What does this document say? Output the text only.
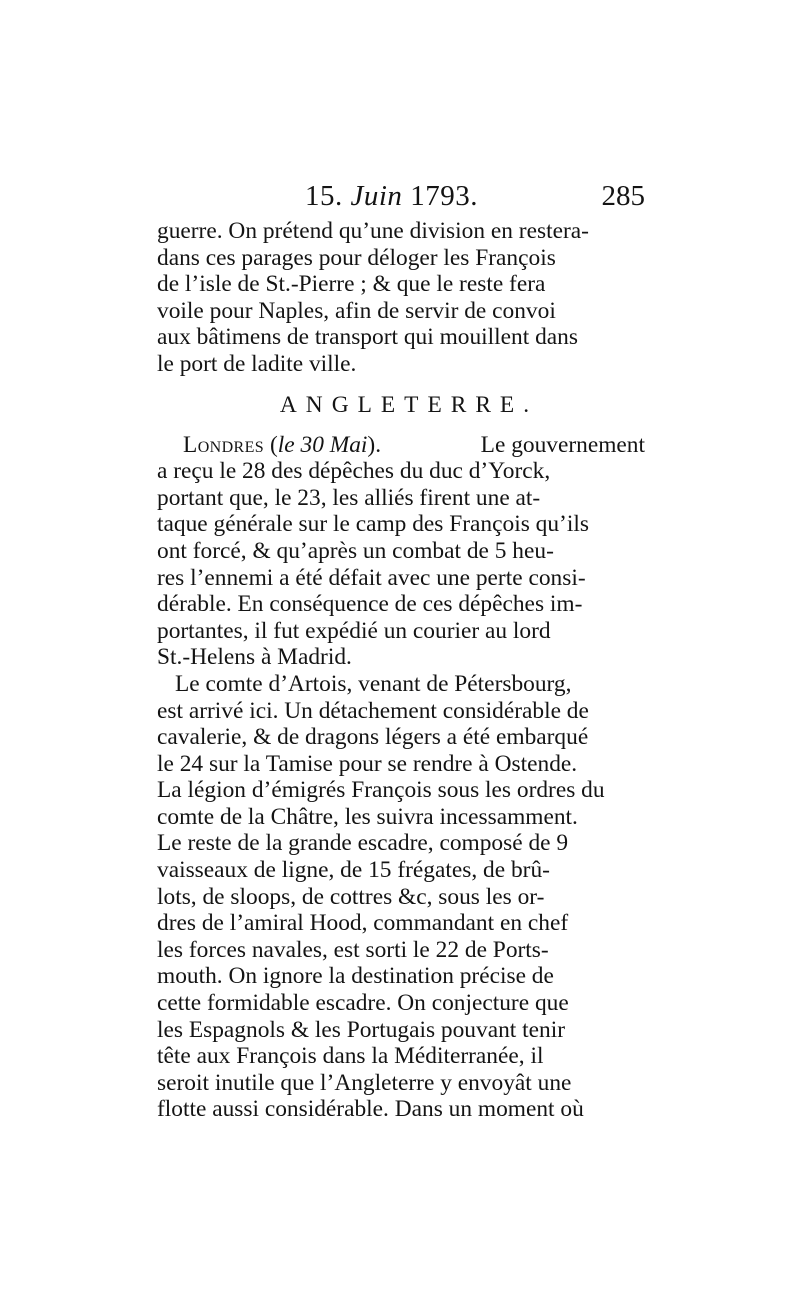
15. Juin 1793.	285
guerre. On prétend qu’une division en restera-
dans ces parages pour déloger les François
de l’isle de St.-Pierre ; & que le reste fera
voile pour Naples, afin de servir de convoi
aux bâtimens de transport qui mouillent dans
le port de ladite ville.
ANGLETERRE.
Londres (le 30 Mai).	Le gouvernement
a reçu le 28 des dépêches du duc d’Yorck,
portant que, le 23, les alliés firent une at-
taque générale sur le camp des François qu’ils
ont forcé, & qu’après un combat de 5 heu-
res l’ennemi a été défait avec une perte consi-
dérable. En conséquence de ces dépêches im-
portantes, il fut expédié un courier au lord
St.-Helens à Madrid.
Le comte d’Artois, venant de Pétersbourg,
est arrivé ici. Un détachement considérable de
cavalerie, & de dragons légers a été embarqué
le 24 sur la Tamise pour se rendre à Ostende.
La légion d’émigrés François sous les ordres du
comte de la Châtre, les suivra incessamment.
Le reste de la grande escadre, composé de 9
vaisseaux de ligne, de 15 frégates, de brû-
lots, de sloops, de cottres &c, sous les or-
dres de l’amiral Hood, commandant en chef
les forces navales, est sorti le 22 de Ports-
mouth. On ignore la destination précise de
cette formidable escadre. On conjecture que
les Espagnols & les Portugais pouvant tenir
tête aux François dans la Méditerranée, il
seroit inutile que l’Angleterre y envoyât une
flotte aussi considérable. Dans un moment où
